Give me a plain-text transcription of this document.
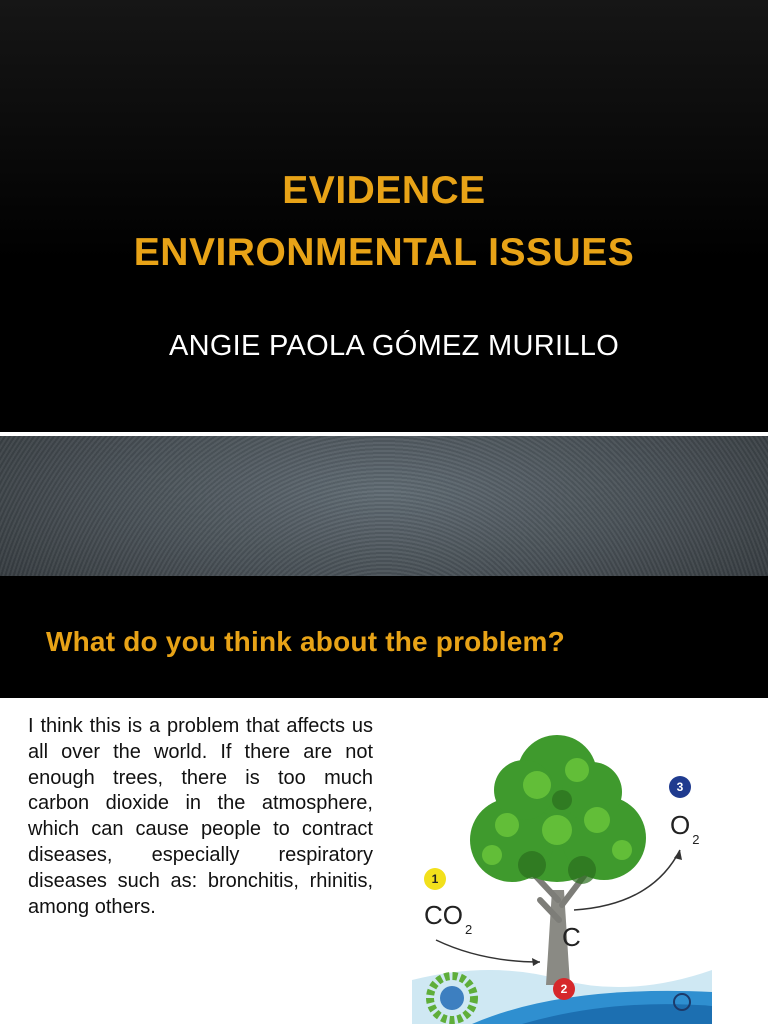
EVIDENCE
ENVIRONMENTAL ISSUES
ANGIE PAOLA GÓMEZ MURILLO
What do you think about the problem?
I think this is a problem that affects us all over the world. If there are not enough trees, there is too much carbon dioxide in the atmosphere, which can cause people to contract diseases, especially respiratory diseases such as: bronchitis, rhinitis, among others.
1
2
3
CO $_2$
O $_2$
C
